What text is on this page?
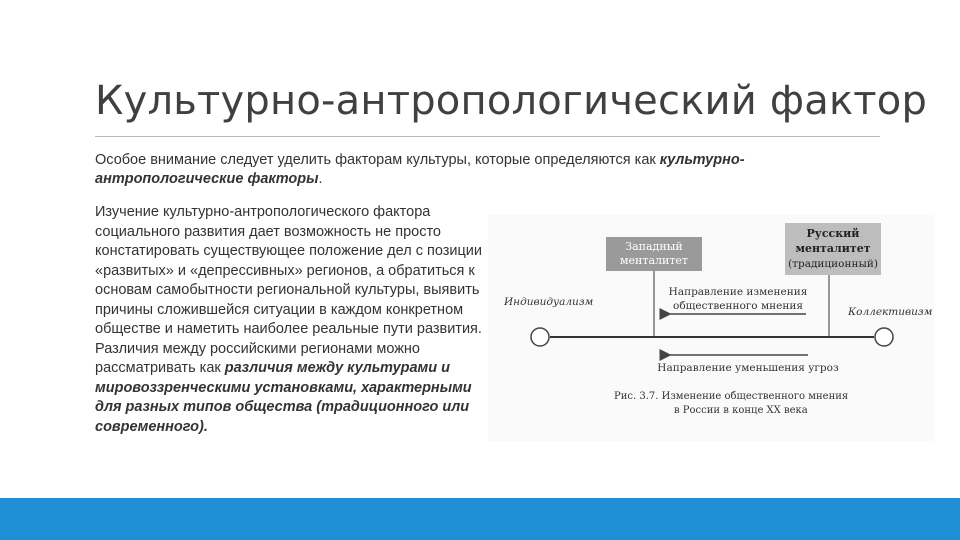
Культурно-антропологический фактор
Особое внимание следует уделить факторам культуры, которые определяются как культурно-антропологические факторы.
Изучение культурно-антропологического фактора социального развития дает возможность не просто констатировать существующее положение дел с позиции «развитых» и «депрессивных» регионов, а обратиться к основам самобытности региональной культуры, выявить причины сложившейся ситуации в каждом конкретном обществе и наметить наиболее реальные пути развития. Различия между российскими регионами можно рассматривать как различия между культурами и мировоззренческими установками, характерными для разных типов общества (традиционного или современного).
Западный
менталитет
Русский
менталитет
(традиционный)
Индивидуализм
Коллективизм
Направление изменения
общественного мнения
Направление уменьшения угроз
Рис. 3.7. Изменение общественного мнения
в России в конце XX века
